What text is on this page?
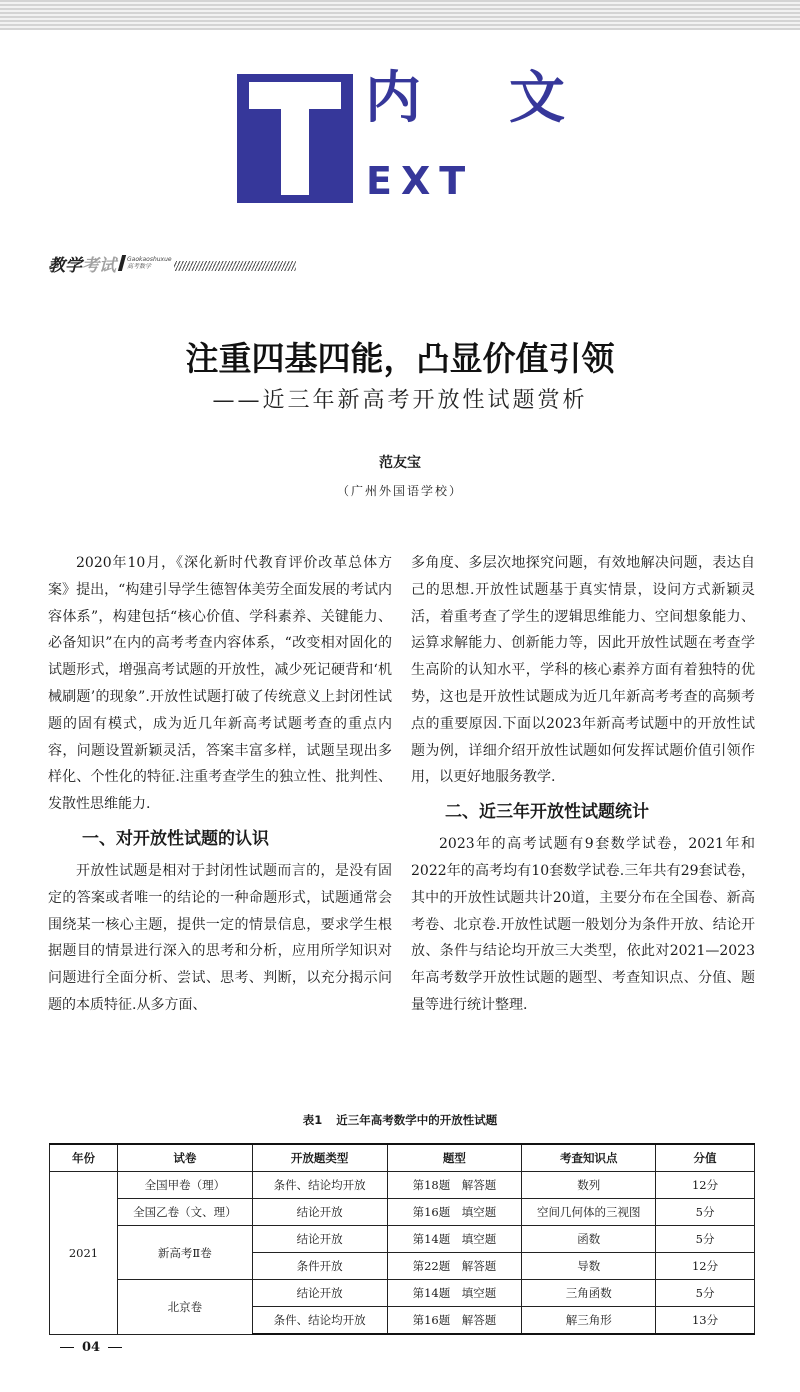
内 文
EXT
教学考试 Gaokaoshuxue
高考数学
注重四基四能，凸显价值引领
——近三年新高考开放性试题赏析
范友宝
（广州外国语学校）

2020年10月，《深化新时代教育评价改革总体方案》提出，“构建引导学生德智体美劳全面发展的考试内容体系”，构建包括“核心价值、学科素养、关键能力、必备知识”在内的高考考查内容体系，“改变相对固化的试题形式，增强高考试题的开放性，减少死记硬背和‘机械刷题’的现象”.开放性试题打破了传统意义上封闭性试题的固有模式，成为近几年新高考试题考查的重点内容，问题设置新颖灵活，答案丰富多样，试题呈现出多样化、个性化的特征.注重考查学生的独立性、批判性、发散性思维能力.

一、对开放性试题的认识

开放性试题是相对于封闭性试题而言的，是没有固定的答案或者唯一的结论的一种命题形式，试题通常会围绕某一核心主题，提供一定的情景信息，要求学生根据题目的情景进行深入的思考和分析，应用所学知识对问题进行全面分析、尝试、思考、判断，以充分揭示问题的本质特征.从多方面、

多角度、多层次地探究问题，有效地解决问题，表达自己的思想.开放性试题基于真实情景，设问方式新颖灵活，着重考查了学生的逻辑思维能力、空间想象能力、运算求解能力、创新能力等，因此开放性试题在考查学生高阶的认知水平，学科的核心素养方面有着独特的优势，这也是开放性试题成为近几年新高考考查的高频考点的重要原因.下面以2023年新高考试题中的开放性试题为例，详细介绍开放性试题如何发挥试题价值引领作用，以更好地服务教学.

二、近三年开放性试题统计

2023年的高考试题有9套数学试卷，2021年和2022年的高考均有10套数学试卷.三年共有29套试卷，其中的开放性试题共计20道，主要分布在全国卷、新高考卷、北京卷.开放性试题一般划分为条件开放、结论开放、条件与结论均开放三大类型，依此对2021—2023年高考数学开放性试题的题型、考查知识点、分值、题量等进行统计整理.

表1 近三年高考数学中的开放性试题
年份	试卷	开放题类型	题型	考查知识点	分值
2021	全国甲卷（理）	条件、结论均开放	第18题　解答题	数列	12分
	全国乙卷（文、理）	结论开放	第16题　填空题	空间几何体的三视图	5分
	新高考Ⅱ卷	结论开放	第14题　填空题	函数	5分
		条件开放	第22题　解答题	导数	12分
	北京卷	结论开放	第14题　填空题	三角函数	5分
		条件、结论均开放	第16题　解答题	解三角形	13分
04
